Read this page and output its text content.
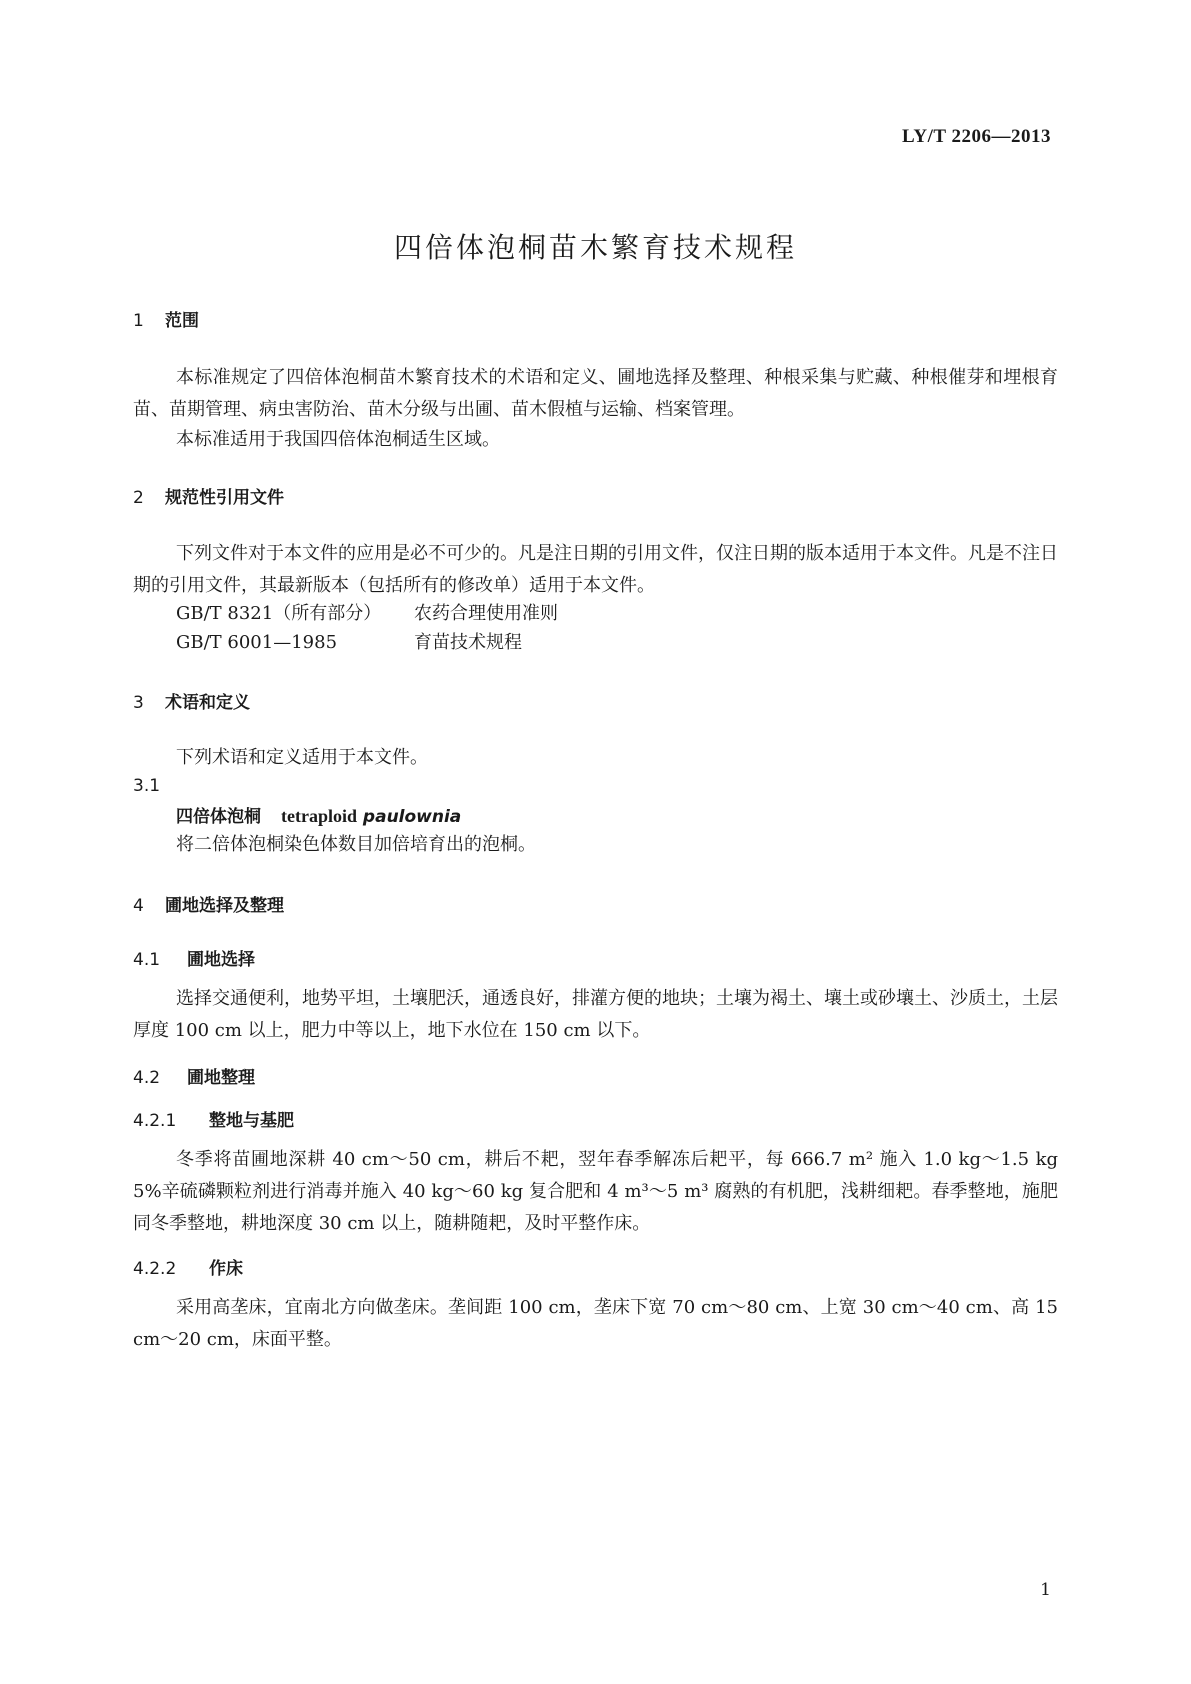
LY/T 2206—2013
四倍体泡桐苗木繁育技术规程
1 范围
本标准规定了四倍体泡桐苗木繁育技术的术语和定义、圃地选择及整理、种根采集与贮藏、种根催芽和埋根育苗、苗期管理、病虫害防治、苗木分级与出圃、苗木假植与运输、档案管理。
本标准适用于我国四倍体泡桐适生区域。
2 规范性引用文件
下列文件对于本文件的应用是必不可少的。凡是注日期的引用文件，仅注日期的版本适用于本文件。凡是不注日期的引用文件，其最新版本（包括所有的修改单）适用于本文件。
GB/T 8321（所有部分） 农药合理使用准则
GB/T 6001—1985	育苗技术规程
3 术语和定义
下列术语和定义适用于本文件。
3.1
四倍体泡桐 tetraploid paulownia
将二倍体泡桐染色体数目加倍培育出的泡桐。
4 圃地选择及整理
4.1 圃地选择
选择交通便利，地势平坦，土壤肥沃，通透良好，排灌方便的地块；土壤为褐土、壤土或砂壤土、沙质土，土层厚度 100 cm 以上，肥力中等以上，地下水位在 150 cm 以下。
4.2 圃地整理
4.2.1 整地与基肥
冬季将苗圃地深耕 40 cm～50 cm，耕后不耙，翌年春季解冻后耙平，每 666.7 m² 施入 1.0 kg～1.5 kg 5%辛硫磷颗粒剂进行消毒并施入 40 kg～60 kg 复合肥和 4 m³～5 m³ 腐熟的有机肥，浅耕细耙。春季整地，施肥同冬季整地，耕地深度 30 cm 以上，随耕随耙，及时平整作床。
4.2.2 作床
采用高垄床，宜南北方向做垄床。垄间距 100 cm，垄床下宽 70 cm～80 cm、上宽 30 cm～40 cm、高 15 cm～20 cm，床面平整。
1
